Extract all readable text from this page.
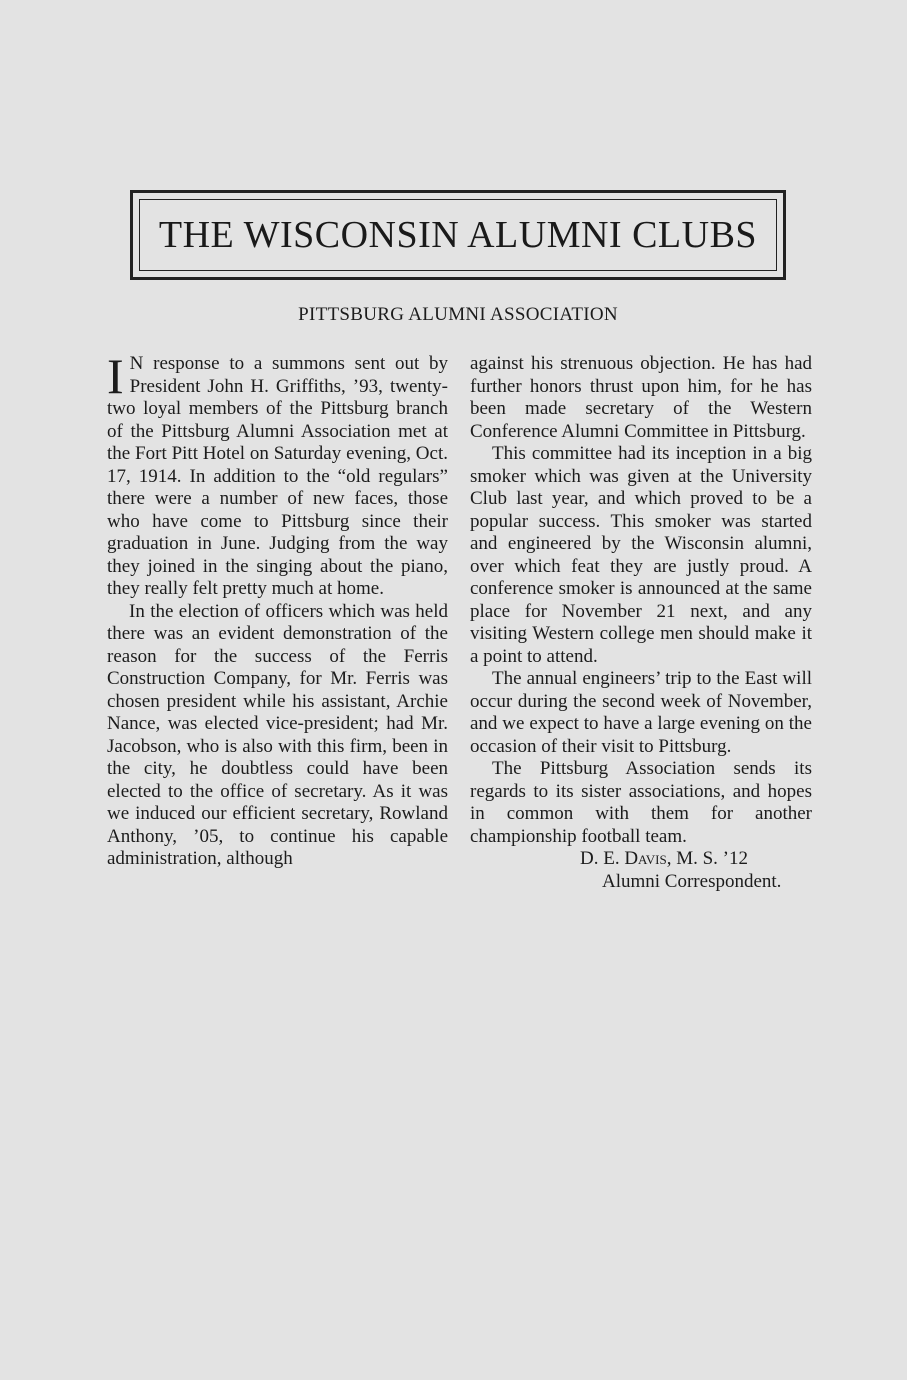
THE WISCONSIN ALUMNI CLUBS
PITTSBURG ALUMNI ASSOCIATION

I N response to a summons sent out by President John H. Griffiths, ’93, twenty-two loyal members of the Pittsburg branch of the Pittsburg Alumni Association met at the Fort Pitt Hotel on Saturday evening, Oct. 17, 1914. In addition to the “old regulars” there were a number of new faces, those who have come to Pittsburg since their graduation in June. Judging from the way they joined in the singing about the piano, they really felt pretty much at home.

In the election of officers which was held there was an evident demonstration of the reason for the success of the Ferris Construction Company, for Mr. Ferris was chosen president while his assistant, Archie Nance, was elected vice-president; had Mr. Jacobson, who is also with this firm, been in the city, he doubtless could have been elected to the office of secretary. As it was we induced our efficient secretary, Rowland Anthony, ’05, to continue his capable administration, although

against his strenuous objection. He has had further honors thrust upon him, for he has been made secretary of the Western Conference Alumni Committee in Pittsburg.

This committee had its inception in a big smoker which was given at the University Club last year, and which proved to be a popular success. This smoker was started and engineered by the Wisconsin alumni, over which feat they are justly proud. A conference smoker is announced at the same place for November 21 next, and any visiting Western college men should make it a point to attend.

The annual engineers’ trip to the East will occur during the second week of November, and we expect to have a large evening on the occasion of their visit to Pittsburg.

The Pittsburg Association sends its regards to its sister associations, and hopes in common with them for another championship football team.

D. E. Davis, M. S. ’12

Alumni Correspondent.
